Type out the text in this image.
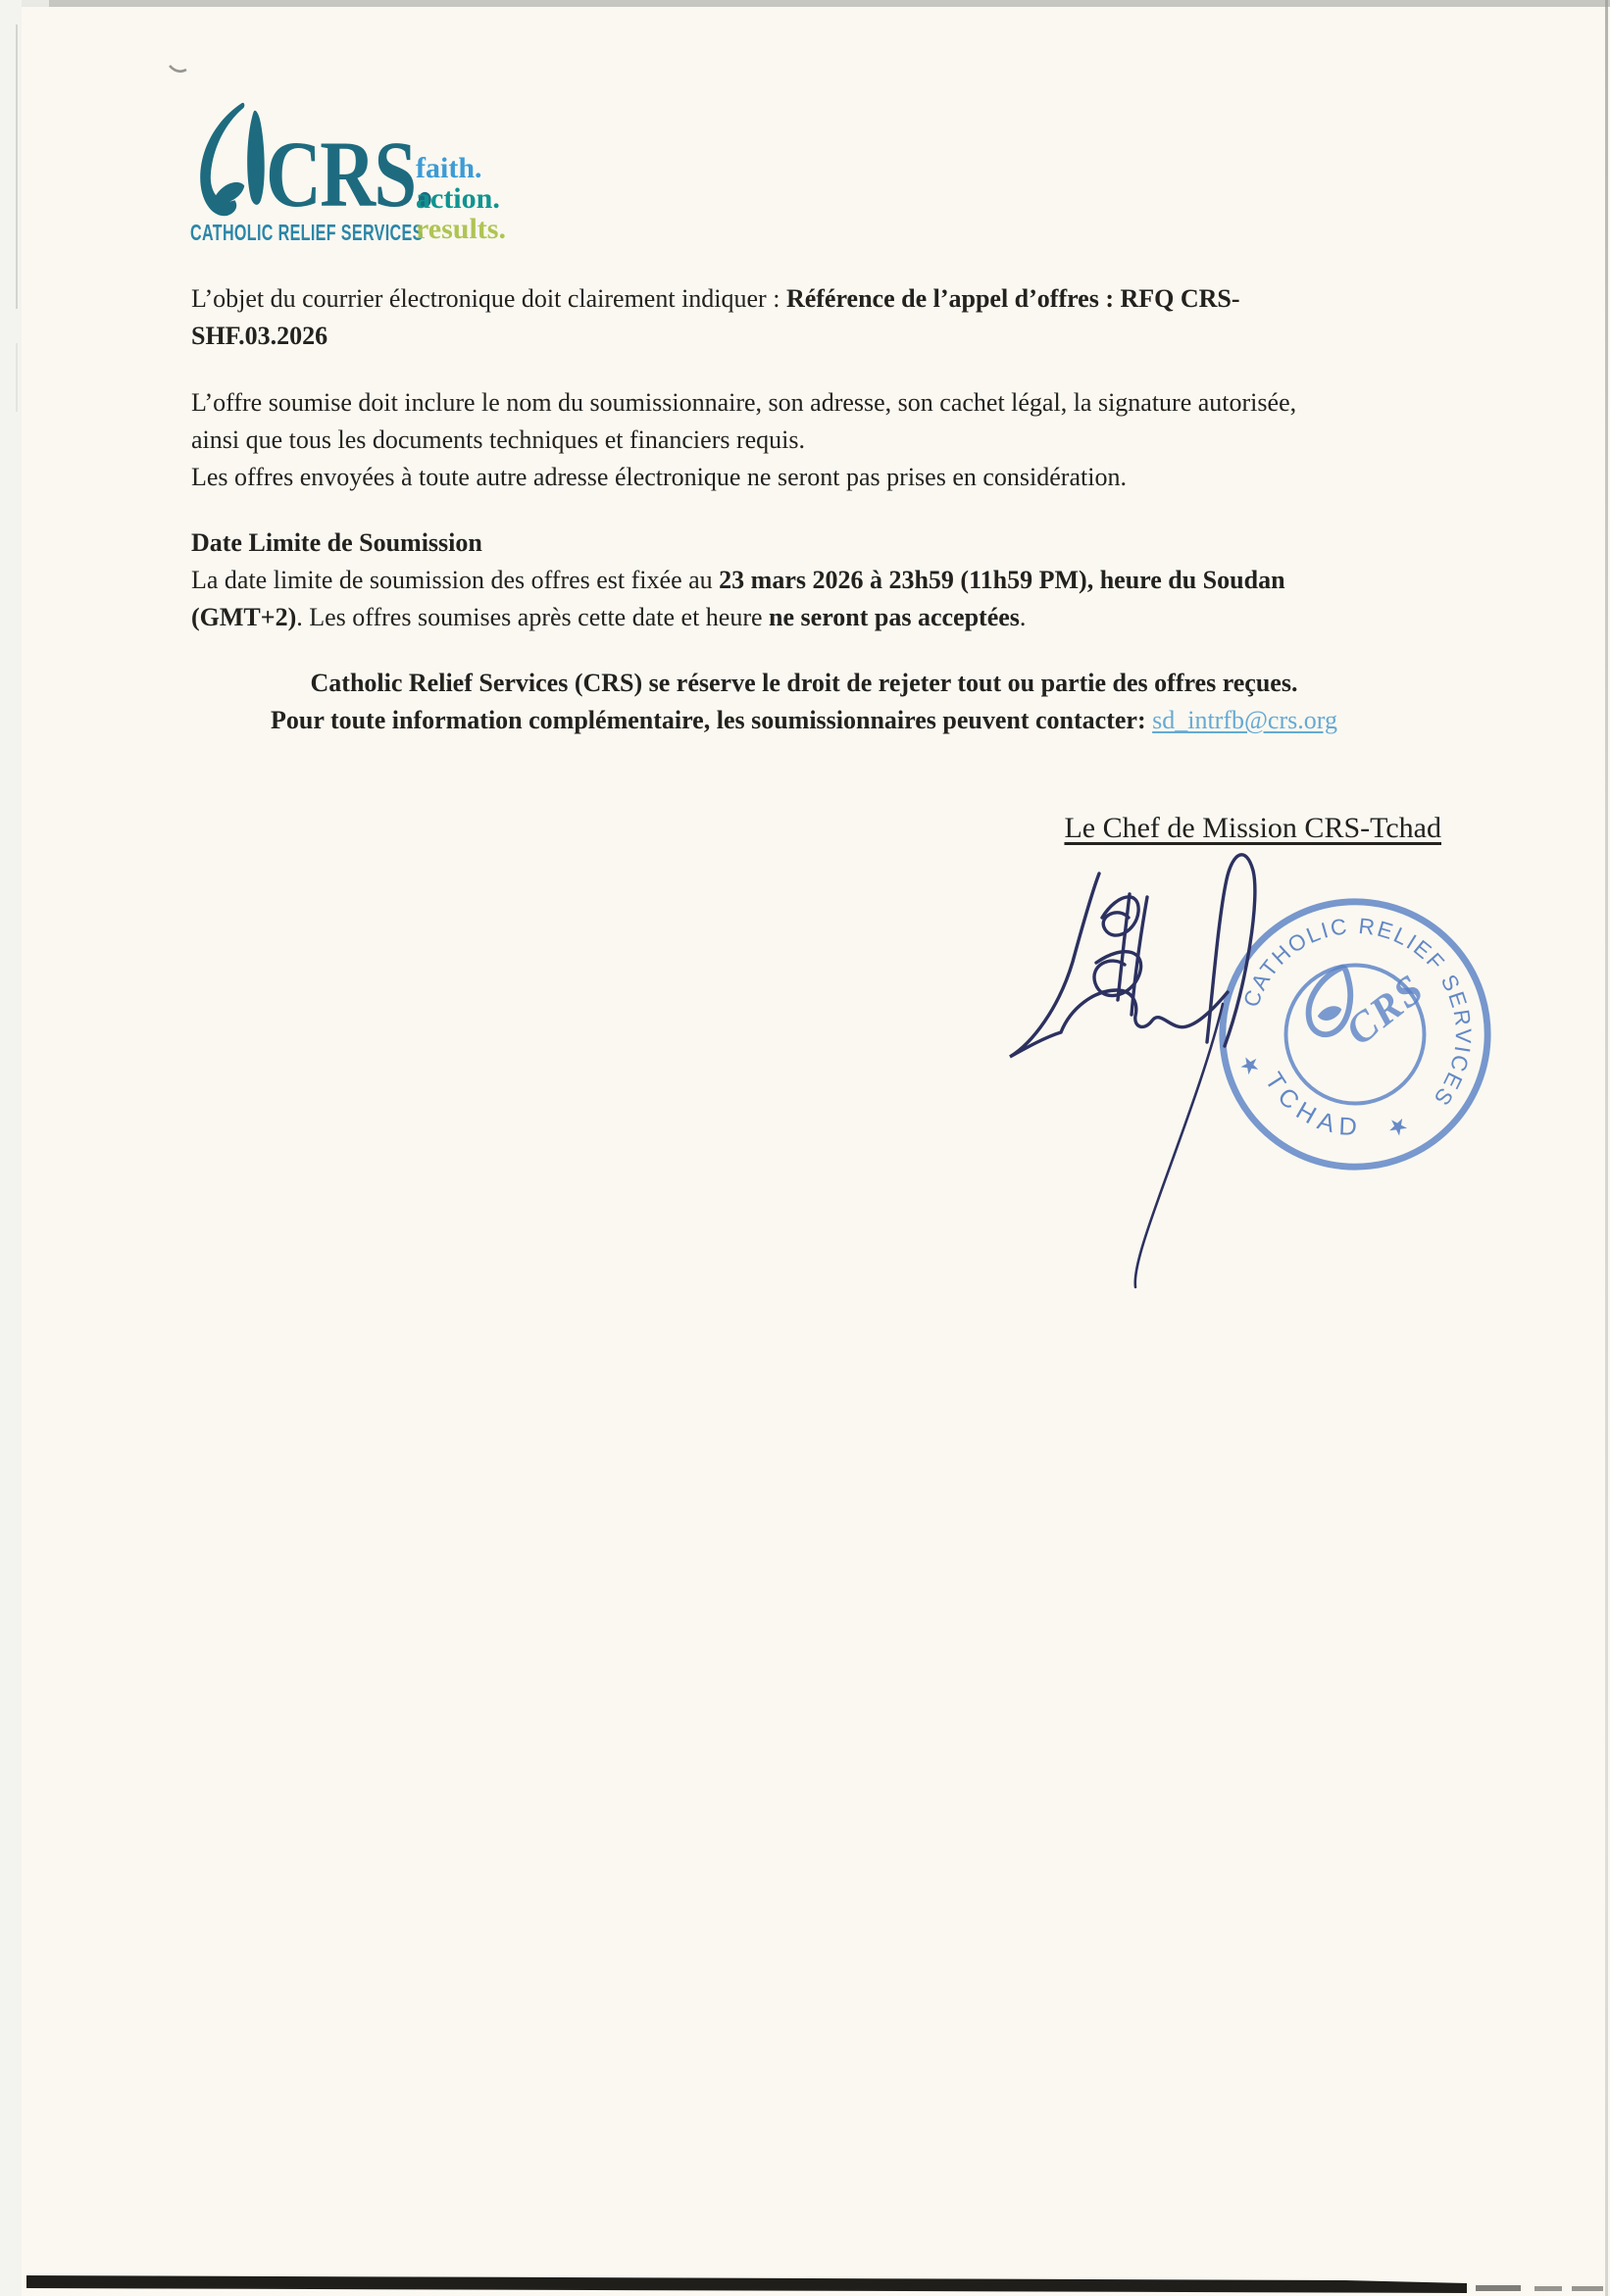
CRS.
CATHOLIC RELIEF SERVICES
faith.
action.
results.
L’objet du courrier électronique doit clairement indiquer : Référence de l’appel d’offres : RFQ CRS-
SHF.03.2026
L’offre soumise doit inclure le nom du soumissionnaire, son adresse, son cachet légal, la signature autorisée,
ainsi que tous les documents techniques et financiers requis.
Les offres envoyées à toute autre adresse électronique ne seront pas prises en considération.
Date Limite de Soumission
La date limite de soumission des offres est fixée au 23 mars 2026 à 23h59 (11h59 PM), heure du Soudan
(GMT+2). Les offres soumises après cette date et heure ne seront pas acceptées.
Catholic Relief Services (CRS) se réserve le droit de rejeter tout ou partie des offres reçues.
Pour toute information complémentaire, les soumissionnaires peuvent contacter: sd_intrfb@crs.org
Le Chef de Mission CRS-Tchad
CATHOLIC RELIEF SERVICES
TCHAD
★
★
CRS
